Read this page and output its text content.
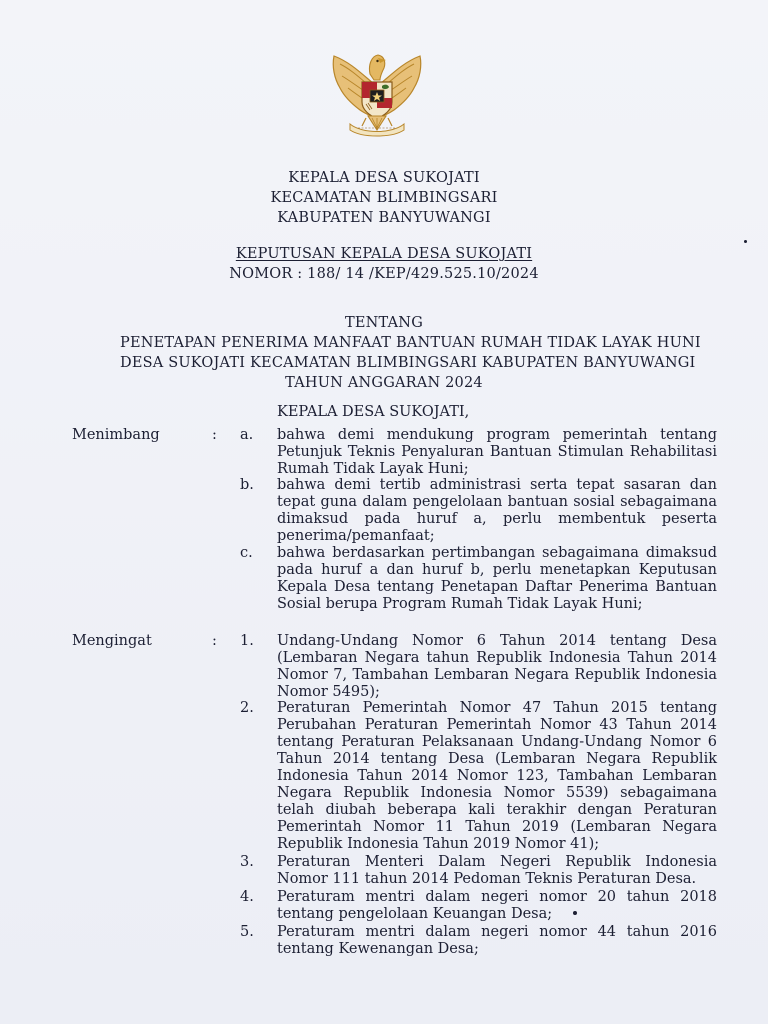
KEPALA DESA SUKOJATI
KECAMATAN BLIMBINGSARI
KABUPATEN BANYUWANGI
KEPUTUSAN KEPALA DESA SUKOJATI
NOMOR : 188/ 14 /KEP/429.525.10/2024
TENTANG
PENETAPAN PENERIMA MANFAAT BANTUAN RUMAH TIDAK LAYAK HUNI
DESA SUKOJATI KECAMATAN BLIMBINGSARI KABUPATEN BANYUWANGI
TAHUN ANGGARAN 2024
KEPALA DESA SUKOJATI,
Menimbang	: a.	bahwa demi mendukung program pemerintah tentang Petunjuk Teknis Penyaluran Bantuan Stimulan Rehabilitasi Rumah Tidak Layak Huni;
b.	bahwa demi tertib administrasi serta tepat sasaran dan tepat guna dalam pengelolaan bantuan sosial sebagaimana dimaksud pada huruf a, perlu membentuk peserta penerima/pemanfaat;
c.	bahwa berdasarkan pertimbangan sebagaimana dimaksud pada huruf a dan huruf b, perlu menetapkan Keputusan Kepala Desa tentang Penetapan Daftar Penerima Bantuan Sosial berupa Program Rumah Tidak Layak Huni;
Mengingat	: 1.	Undang-Undang Nomor 6 Tahun 2014 tentang Desa (Lembaran Negara tahun Republik Indonesia Tahun 2014 Nomor 7, Tambahan Lembaran Negara Republik Indonesia Nomor 5495);
2.	Peraturan Pemerintah Nomor 47 Tahun 2015 tentang Perubahan Peraturan Pemerintah Nomor 43 Tahun 2014 tentang Peraturan Pelaksanaan Undang-Undang Nomor 6 Tahun 2014 tentang Desa (Lembaran Negara Republik Indonesia Tahun 2014 Nomor 123, Tambahan Lembaran Negara Republik Indonesia Nomor 5539) sebagaimana telah diubah beberapa kali terakhir dengan Peraturan Pemerintah Nomor 11 Tahun 2019 (Lembaran Negara Republik Indonesia Tahun 2019 Nomor 41);
3.	Peraturan Menteri Dalam Negeri Republik Indonesia Nomor 111 tahun 2014 Pedoman Teknis Peraturan Desa.
4.	Peraturam mentri dalam negeri nomor 20 tahun 2018 tentang pengelolaan Keuangan Desa;
5.	Peraturam mentri dalam negeri nomor 44 tahun 2016 tentang Kewenangan Desa;
